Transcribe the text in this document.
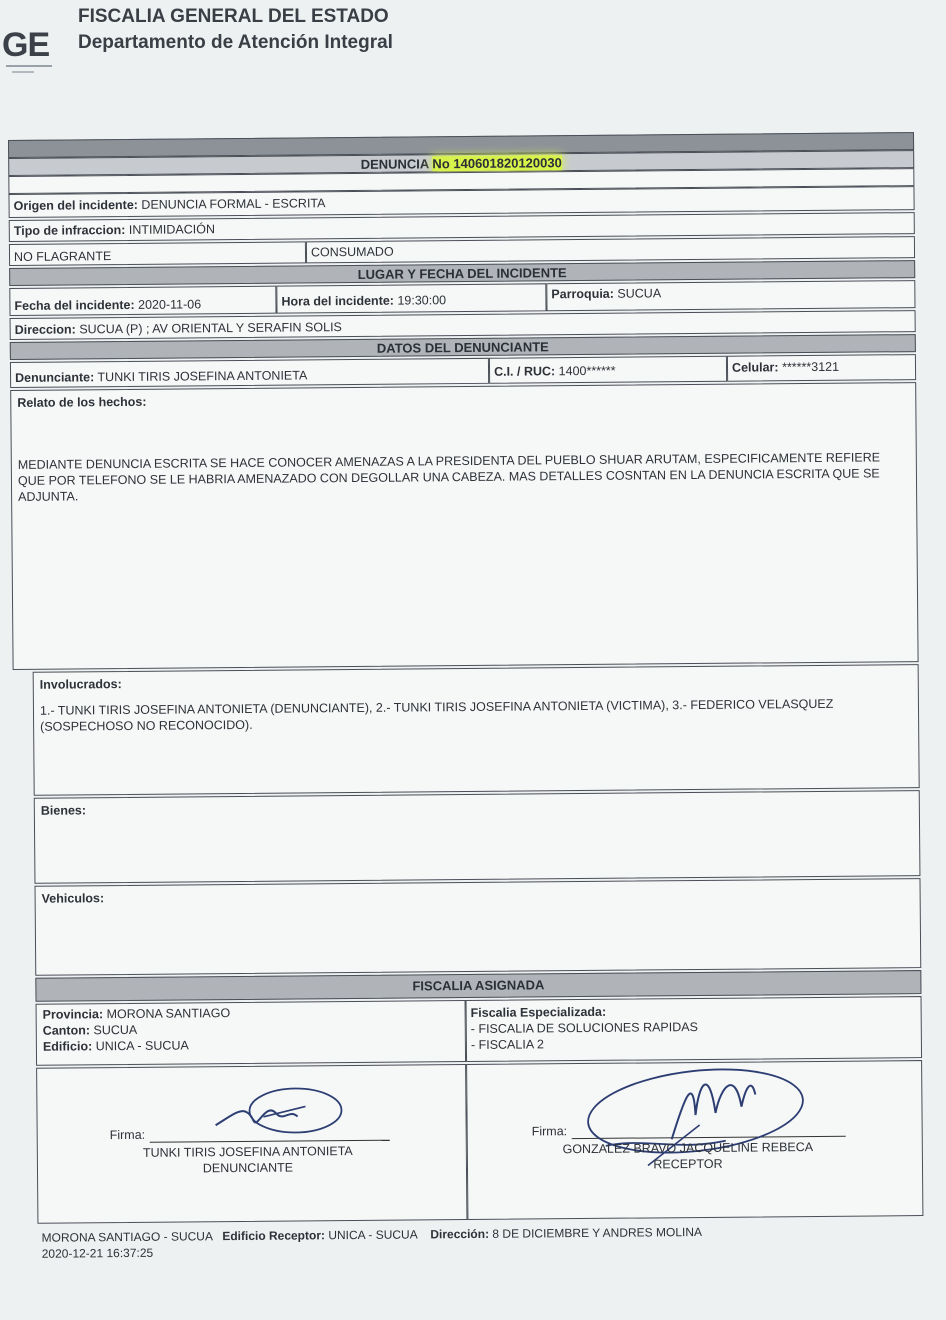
GE
FISCALIA GENERAL DEL ESTADO
Departamento de Atención Integral
DENUNCIA No 140601820120030
Origen del incidente: DENUNCIA FORMAL - ESCRITA
Tipo de infraccion: INTIMIDACIÓN
NO FLAGRANTE	CONSUMADO
LUGAR Y FECHA DEL INCIDENTE
Fecha del incidente: 2020-11-06	Hora del incidente: 19:30:00	Parroquia: SUCUA
Direccion: SUCUA (P) ; AV ORIENTAL Y SERAFIN SOLIS
DATOS DEL DENUNCIANTE
Denunciante: TUNKI TIRIS JOSEFINA ANTONIETA	C.I. / RUC: 1400******	Celular: ******3121
Relato de los hechos:
MEDIANTE DENUNCIA ESCRITA SE HACE CONOCER AMENAZAS A LA PRESIDENTA DEL PUEBLO SHUAR ARUTAM, ESPECIFICAMENTE REFIERE QUE POR TELEFONO SE LE HABRIA AMENAZADO CON DEGOLLAR UNA CABEZA. MAS DETALLES COSNTAN EN LA DENUNCIA ESCRITA QUE SE ADJUNTA.
Involucrados:
1.- TUNKI TIRIS JOSEFINA ANTONIETA (DENUNCIANTE), 2.- TUNKI TIRIS JOSEFINA ANTONIETA (VICTIMA), 3.- FEDERICO VELASQUEZ (SOSPECHOSO NO RECONOCIDO).
Bienes:
Vehiculos:
FISCALIA ASIGNADA
Provincia: MORONA SANTIAGO
Canton: SUCUA
Edificio: UNICA - SUCUA
Fiscalia Especializada:
- FISCALIA DE SOLUCIONES RAPIDAS
- FISCALIA 2
Firma:
TUNKI TIRIS JOSEFINA ANTONIETA
DENUNCIANTE
Firma:
GONZALEZ BRAVO JACQUELINE REBECA
RECEPTOR
MORONA SANTIAGO - SUCUA Edificio Receptor: UNICA - SUCUA Dirección: 8 DE DICIEMBRE Y ANDRES MOLINA
2020-12-21 16:37:25
